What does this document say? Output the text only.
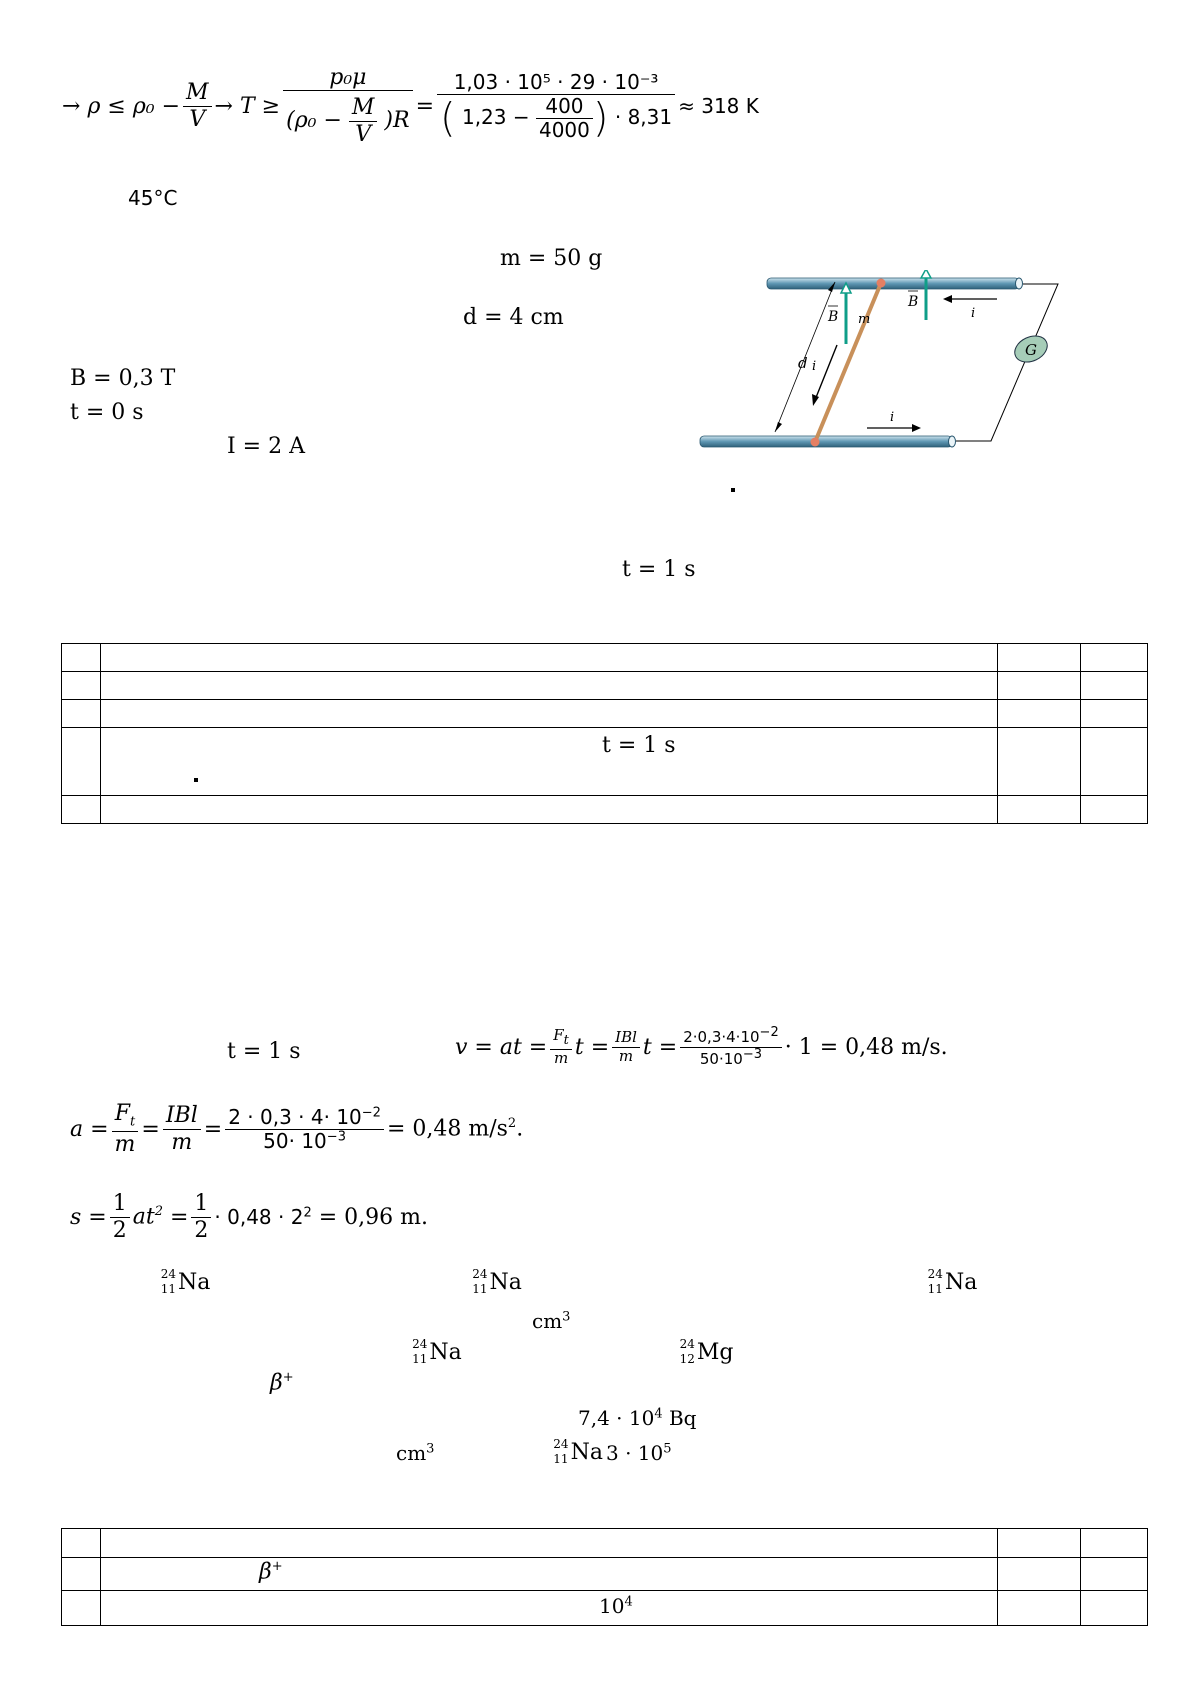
→
ρ
≤
ρ₀
− $\frac{M}{V}$ →
T
≥ $\frac{\text{p₀μ}}{(\rho_0 - \frac{M}{V} )R} = \frac{\text{1,03 · 10⁵ · 29 · 10⁻³}}{( 1,23 - \frac{400}{4000} ) \cdot 8,31} \approx 318$ K
45°C
m = 50 g
d = 4 cm
B = 0,3 T
t = 0 s
I = 2 A
G
d
B
B
m
i
i
i
t = 1 s

	t = 1 s		

t = 1 s	v = at = $\frac{F_t}{m}$ $t = \frac{\text{IBl}}{m}$ $t = \frac{2\cdot 0,3\cdot 4\cdot 10^{-2}}{50\cdot 10^{-3}} \cdot 1 = 0,48$ m/s.
$a = \frac{F_t}{m} = \frac{\text{IBl}}{m} = \frac{2 \cdot 0,3 \cdot 4\cdot 10^{-2}}{50\cdot 10^{-3}} = 0,48$ $m/s^2$.
$s = \frac{1}{2} at^2$
= $\frac{1}{2} \cdot 0,48 \cdot 2^2$
= 0,96 m.
24
11 Na	24
11 Na	24
11 Na
$cm^3$
24
11 Na	24
12 Mg
β+
$7,4 \cdot 10^4$ Bq
24
11 Na
$cm^3$	$3 \cdot 10^5$

	β+

	$10^4$
